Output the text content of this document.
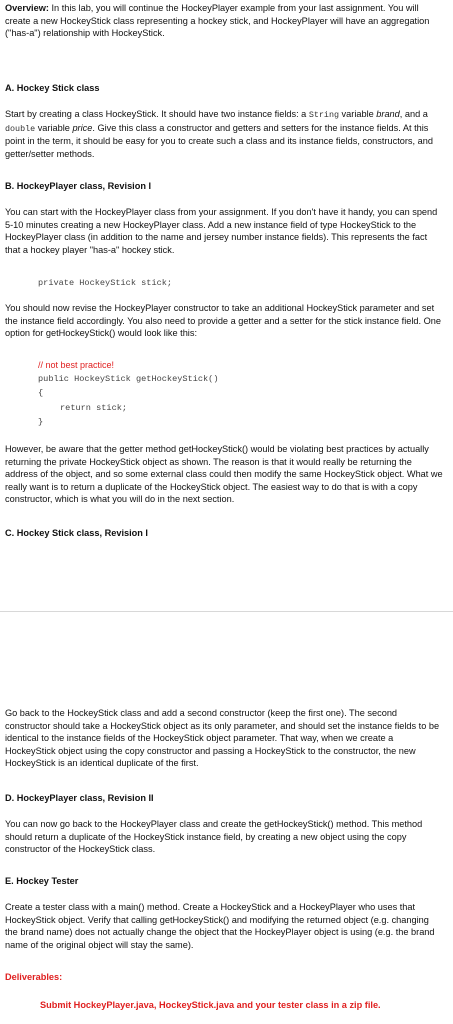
Overview: In this lab, you will continue the HockeyPlayer example from your last assignment. You will create a new HockeyStick class representing a hockey stick, and HockeyPlayer will have an aggregation ("has-a") relationship with HockeyStick.

A. Hockey Stick class

Start by creating a class HockeyStick. It should have two instance fields: a String variable brand, and a double variable price. Give this class a constructor and getters and setters for the instance fields. At this point in the term, it should be easy for you to create such a class and its instance fields, constructors, and getter/setter methods.

B. HockeyPlayer class, Revision I

You can start with the HockeyPlayer class from your assignment. If you don't have it handy, you can spend 5-10 minutes creating a new HockeyPlayer class. Add a new instance field of type HockeyStick to the HockeyPlayer class (in addition to the name and jersey number instance fields). This represents the fact that a hockey player "has-a" hockey stick.

private HockeyStick stick;

You should now revise the HockeyPlayer constructor to take an additional HockeyStick parameter and set the instance field accordingly. You also need to provide a getter and a setter for the stick instance field. One option for getHockeyStick() would look like this:

// not best practice!

public HockeyStick getHockeyStick()
{
return stick;
}

However, be aware that the getter method getHockeyStick() would be violating best practices by actually returning the private HockeyStick object as shown. The reason is that it would really be returning the address of the object, and so some external class could then modify the same HockeyStick object. What we really want is to return a duplicate of the HockeyStick object. The easiest way to do that is with a copy constructor, which is what you will do in the next section.

C. Hockey Stick class, Revision I

Go back to the HockeyStick class and add a second constructor (keep the first one). The second constructor should take a HockeyStick object as its only parameter, and should set the instance fields to be identical to the instance fields of the HockeyStick object parameter. That way, when we create a HockeyStick object using the copy constructor and passing a HockeyStick to the constructor, the new HockeyStick is an identical duplicate of the first.

D. HockeyPlayer class, Revision II

You can now go back to the HockeyPlayer class and create the getHockeyStick() method. This method should return a duplicate of the HockeyStick instance field, by creating a new object using the copy constructor of the HockeyStick class.

E. Hockey Tester

Create a tester class with a main() method. Create a HockeyStick and a HockeyPlayer who uses that HockeyStick object. Verify that calling getHockeyStick() and modifying the returned object (e.g. changing the brand name) does not actually change the object that the HockeyPlayer object is using (e.g. the brand name of the original object will stay the same).

Deliverables:

Submit HockeyPlayer.java, HockeyStick.java and your tester class in a zip file.
